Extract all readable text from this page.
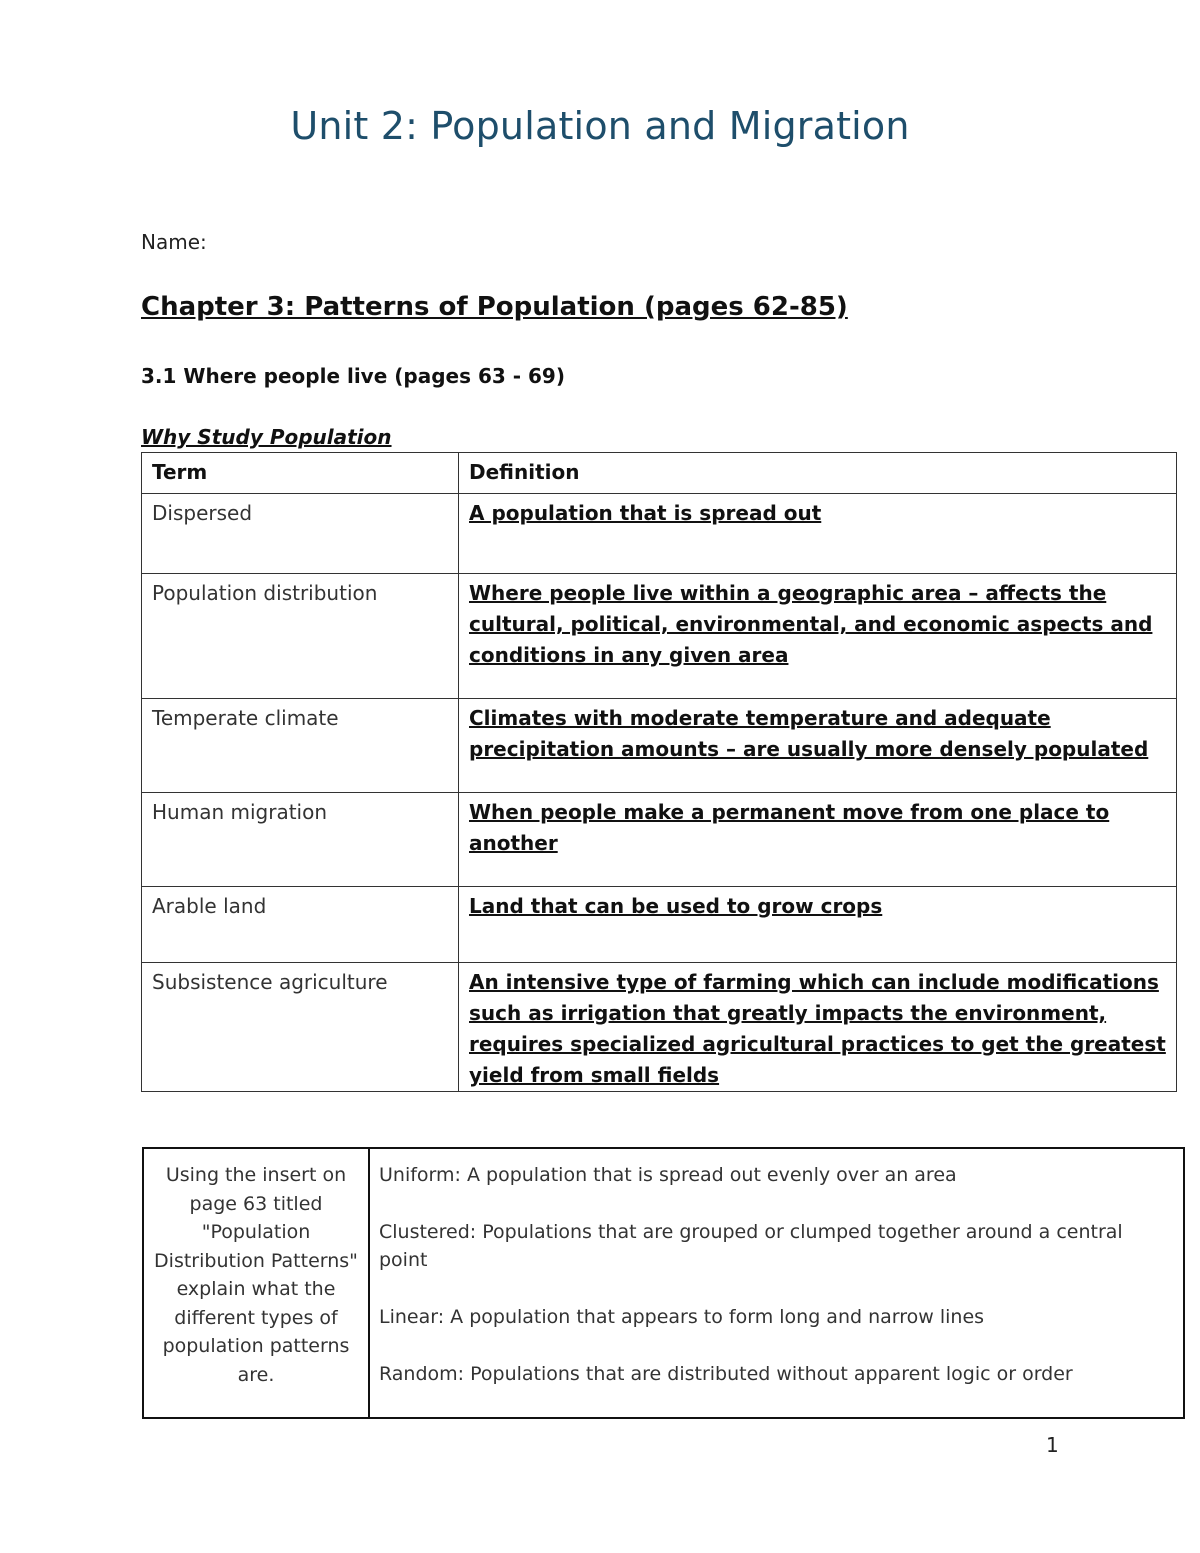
Unit 2: Population and Migration
Name:
Chapter 3: Patterns of Population (pages 62-85)
3.1 Where people live (pages 63 - 69)
Why Study Population
Term	Definition
Dispersed	A population that is spread out
Population distribution	Where people live within a geographic area – affects the cultural, political, environmental, and economic aspects and conditions in any given area
Temperate climate	Climates with moderate temperature and adequate precipitation amounts – are usually more densely populated
Human migration	When people make a permanent move from one place to another
Arable land	Land that can be used to grow crops
Subsistence agriculture	An intensive type of farming which can include modifications such as irrigation that greatly impacts the environment, requires specialized agricultural practices to get the greatest yield from small fields
Using the insert on page 63 titled "Population Distribution Patterns" explain what the different types of population patterns are.	
Uniform: A population that is spread out evenly over an area
Clustered: Populations that are grouped or clumped together around a central point
Linear: A population that appears to form long and narrow lines
Random: Populations that are distributed without apparent logic or order
1
